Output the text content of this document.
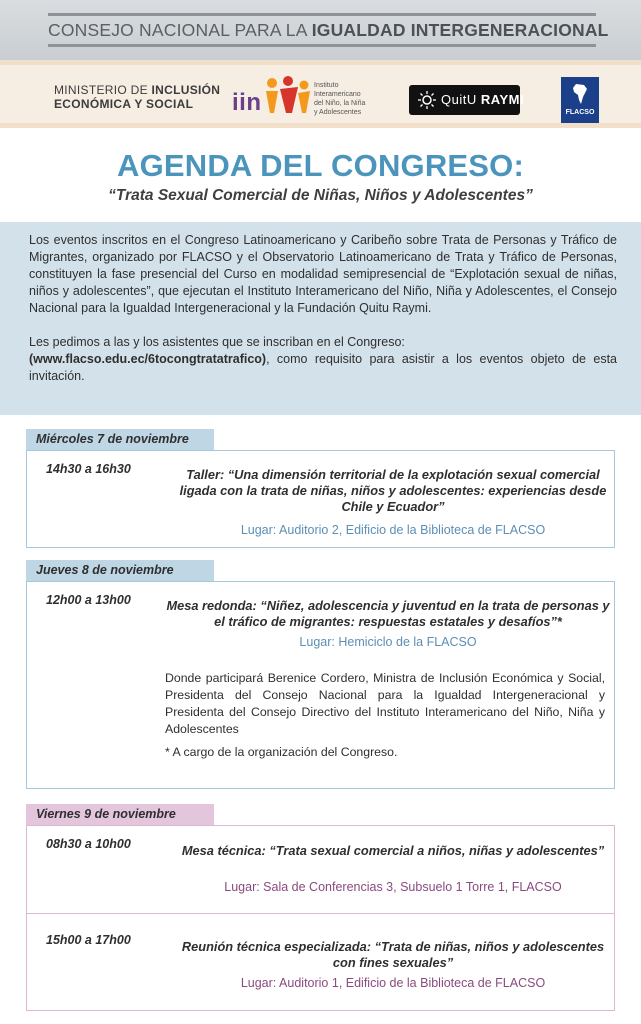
CONSEJO NACIONAL PARA LA IGUALDAD INTERGENERACIONAL
MINISTERIO DE INCLUSIÓN
ECONÓMICA Y SOCIAL	iin
Instituto
Interamericano
del Niño, la Niña
y Adolescentes
QuitU RAYMI
FLACSO
AGENDA DEL CONGRESO:
“Trata Sexual Comercial de Niñas, Niños y Adolescentes”

Los eventos inscritos en el Congreso Latinoamericano y Caribeño sobre Trata de Personas y Tráfico de Migrantes, organizado por FLACSO y el Observatorio Latinoamericano de Trata y Tráfico de Personas, constituyen la fase presencial del Curso en modalidad semipresencial de “Explotación sexual de niñas, niños y adolescentes”, que ejecutan el Instituto Interamericano del Niño, Niña y Adolescentes, el Consejo Nacional para la Igualdad Intergeneracional y la Fundación Quitu Raymi.

Les pedimos a las y los asistentes que se inscriban en el Congreso:
(www.flacso.edu.ec/6tocongtratatrafico), como requisito para asistir a los eventos objeto de esta invitación.

Miércoles 7 de noviembre
14h30 a 16h30	Taller: “Una dimensión territorial de la explotación sexual comercial ligada con la trata de niñas, niños y adolescentes: experiencias desde Chile y Ecuador”
Lugar: Auditorio 2, Edificio de la Biblioteca de FLACSO
Jueves 8 de noviembre
12h00 a 13h00	Mesa redonda: “Niñez, adolescencia y juventud en la trata de personas y el tráfico de migrantes: respuestas estatales y desafíos”*
Lugar: Hemiciclo de la FLACSO
Donde participará Berenice Cordero, Ministra de Inclusión Económica y Social, Presidenta del Consejo Nacional para la Igualdad Intergeneracional y Presidenta del Consejo Directivo del Instituto Interamericano del Niño, Niña y Adolescentes
* A cargo de la organización del Congreso.
Viernes 9 de noviembre
08h30 a 10h00	Mesa técnica: “Trata sexual comercial a niños, niñas y adolescentes”
Lugar: Sala de Conferencias 3, Subsuelo 1 Torre 1, FLACSO
15h00 a 17h00	Reunión técnica especializada: “Trata de niñas, niños y adolescentes con fines sexuales”
Lugar: Auditorio 1, Edificio de la Biblioteca de FLACSO
